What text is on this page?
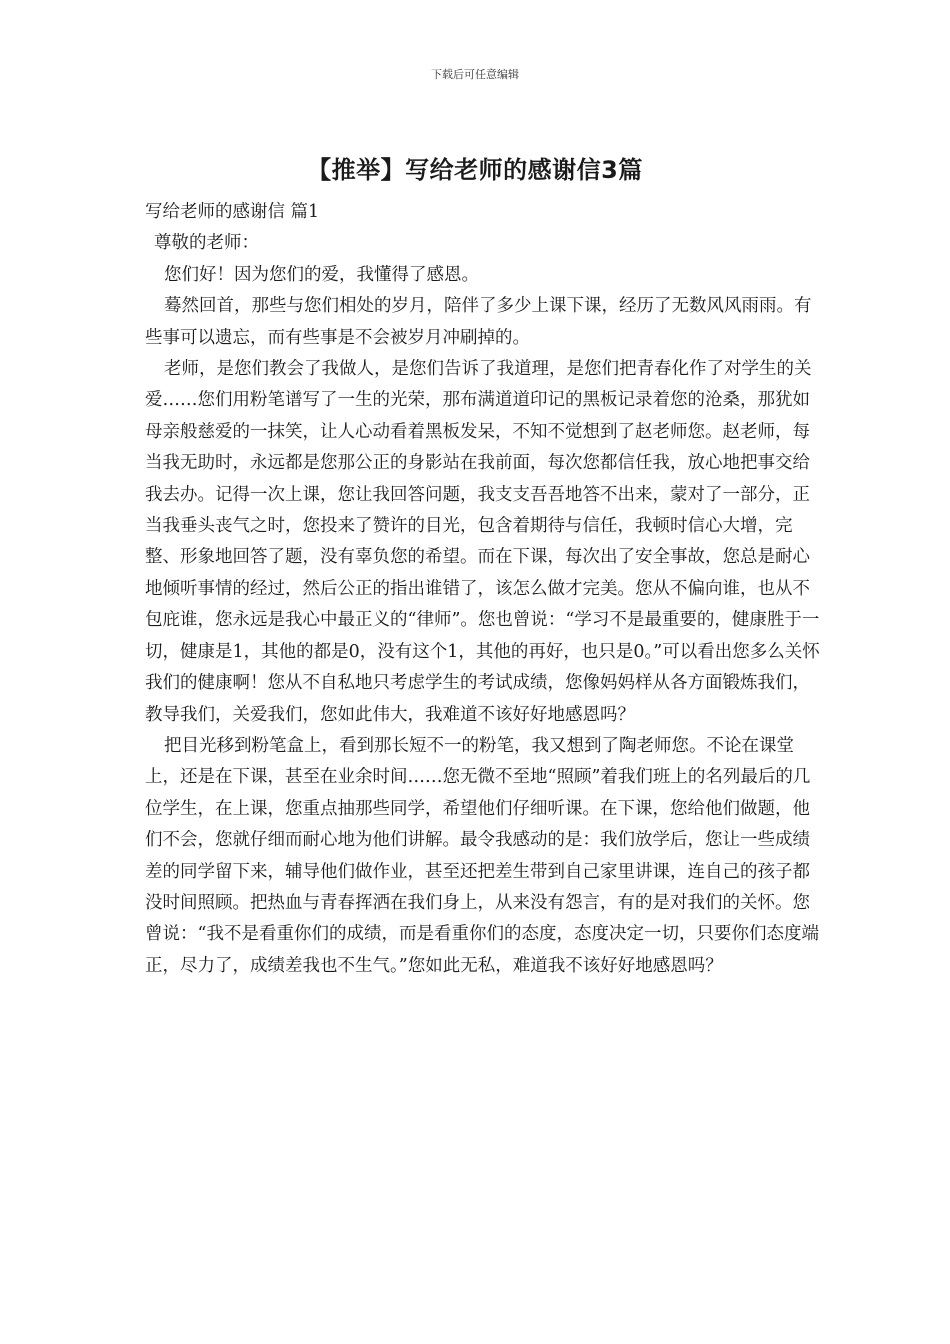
下载后可任意编辑
【推举】写给老师的感谢信3篇

写给老师的感谢信 篇1

尊敬的老师：

您们好！因为您们的爱，我懂得了感恩。

蓦然回首，那些与您们相处的岁月，陪伴了多少上课下课，经历了无数风风雨雨。有些事可以遗忘，而有些事是不会被岁月冲刷掉的。

老师，是您们教会了我做人，是您们告诉了我道理，是您们把青春化作了对学生的关爱……您们用粉笔谱写了一生的光荣，那布满道道印记的黑板记录着您的沧桑，那犹如母亲般慈爱的一抹笑，让人心动看着黑板发呆，不知不觉想到了赵老师您。赵老师，每当我无助时，永远都是您那公正的身影站在我前面，每次您都信任我，放心地把事交给我去办。记得一次上课，您让我回答问题，我支支吾吾地答不出来，蒙对了一部分，正当我垂头丧气之时，您投来了赞许的目光，包含着期待与信任，我顿时信心大增，完整、形象地回答了题，没有辜负您的希望。而在下课，每次出了安全事故，您总是耐心地倾听事情的经过，然后公正的指出谁错了，该怎么做才完美。您从不偏向谁，也从不包庇谁，您永远是我心中最正义的“律师”。您也曾说：“学习不是最重要的，健康胜于一切，健康是1，其他的都是0，没有这个1，其他的再好，也只是0。”可以看出您多么关怀我们的健康啊！您从不自私地只考虑学生的考试成绩，您像妈妈样从各方面锻炼我们，教导我们，关爱我们，您如此伟大，我难道不该好好地感恩吗？

把目光移到粉笔盒上，看到那长短不一的粉笔，我又想到了陶老师您。不论在课堂上，还是在下课，甚至在业余时间……您无微不至地“照顾”着我们班上的名列最后的几位学生，在上课，您重点抽那些同学，希望他们仔细听课。在下课，您给他们做题，他们不会，您就仔细而耐心地为他们讲解。最令我感动的是：我们放学后，您让一些成绩差的同学留下来，辅导他们做作业，甚至还把差生带到自己家里讲课，连自己的孩子都没时间照顾。把热血与青春挥洒在我们身上，从来没有怨言，有的是对我们的关怀。您曾说：“我不是看重你们的成绩，而是看重你们的态度，态度决定一切，只要你们态度端正，尽力了，成绩差我也不生气。”您如此无私，难道我不该好好地感恩吗？
